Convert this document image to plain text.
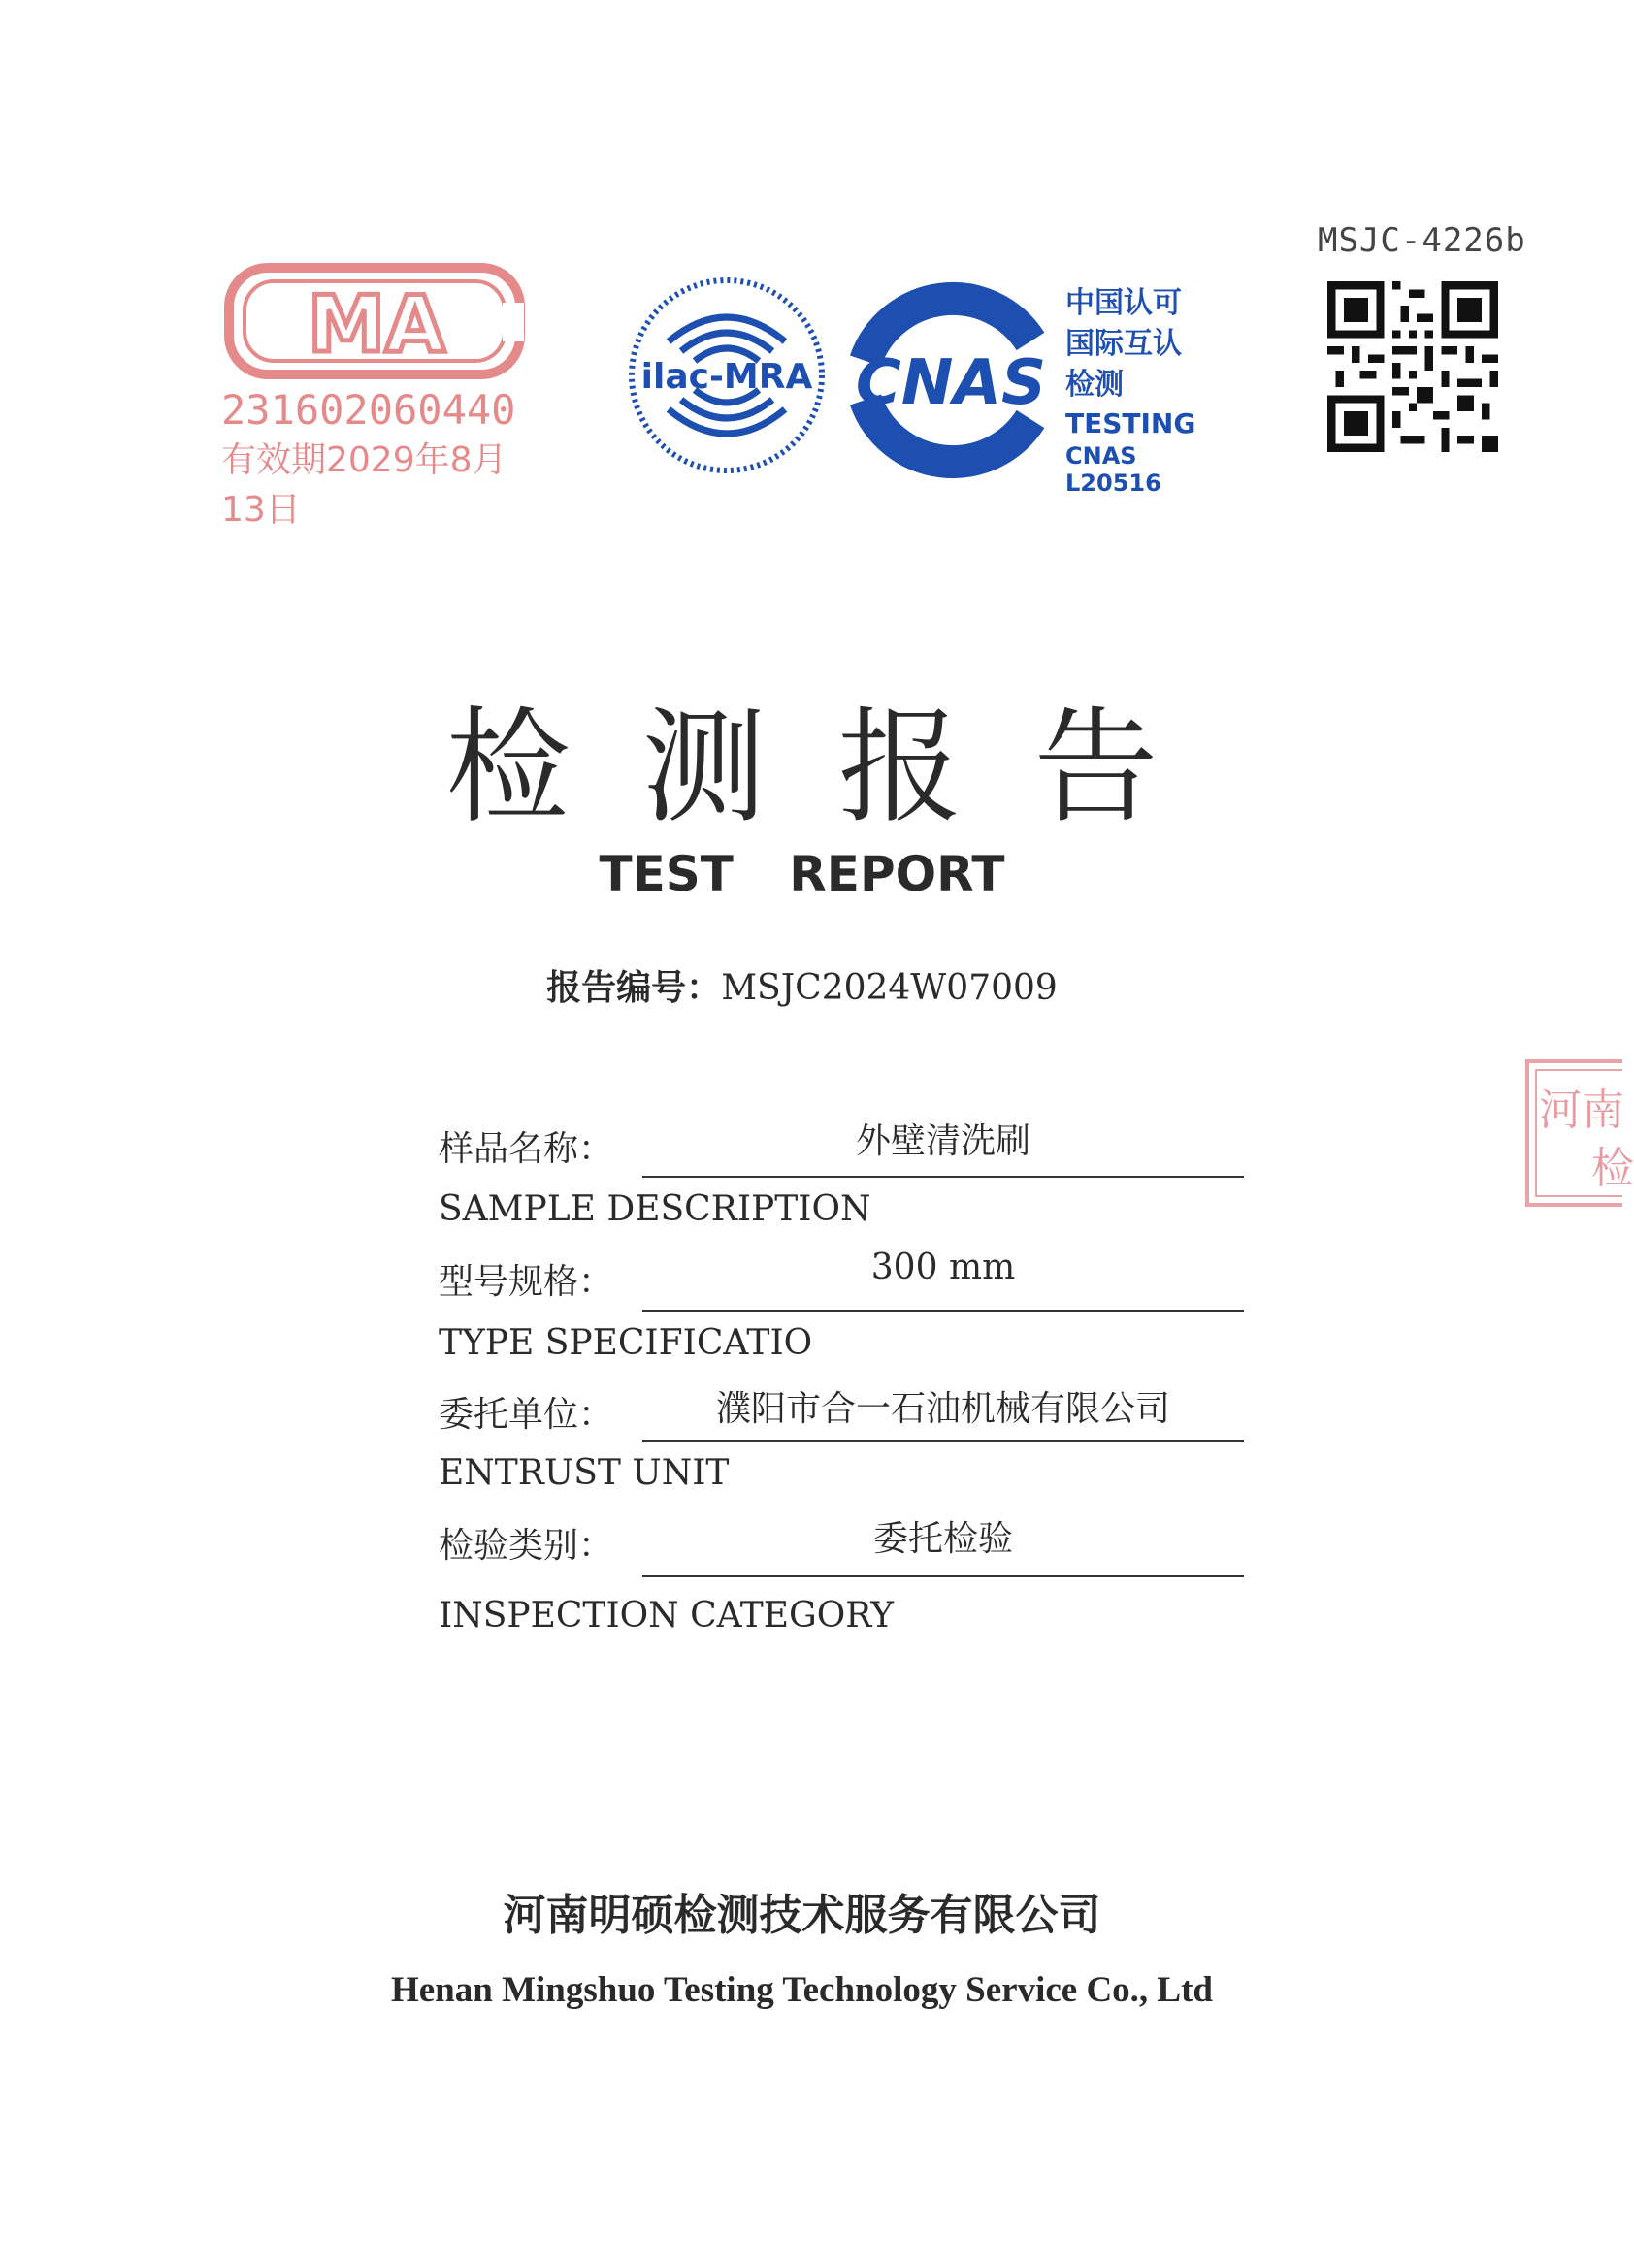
MSJC-4226b
MA
231602060440
有效期2029年8月13日
ilac-MRA CNAS
中国认可
国际互认
检测
TESTING
CNAS L20516
检测报告
TEST REPORT
报告编号：MSJC2024W07009
样品名称：	外壁清洗刷
SAMPLE DESCRIPTION
型号规格：	300 mm
TYPE SPECIFICATIO
委托单位：	濮阳市合一石油机械有限公司
ENTRUST UNIT
检验类别：	委托检验
INSPECTION CATEGORY
河南明硕检测技术服务有限公司
Henan Mingshuo Testing Technology Service Co., Ltd
河南
检
